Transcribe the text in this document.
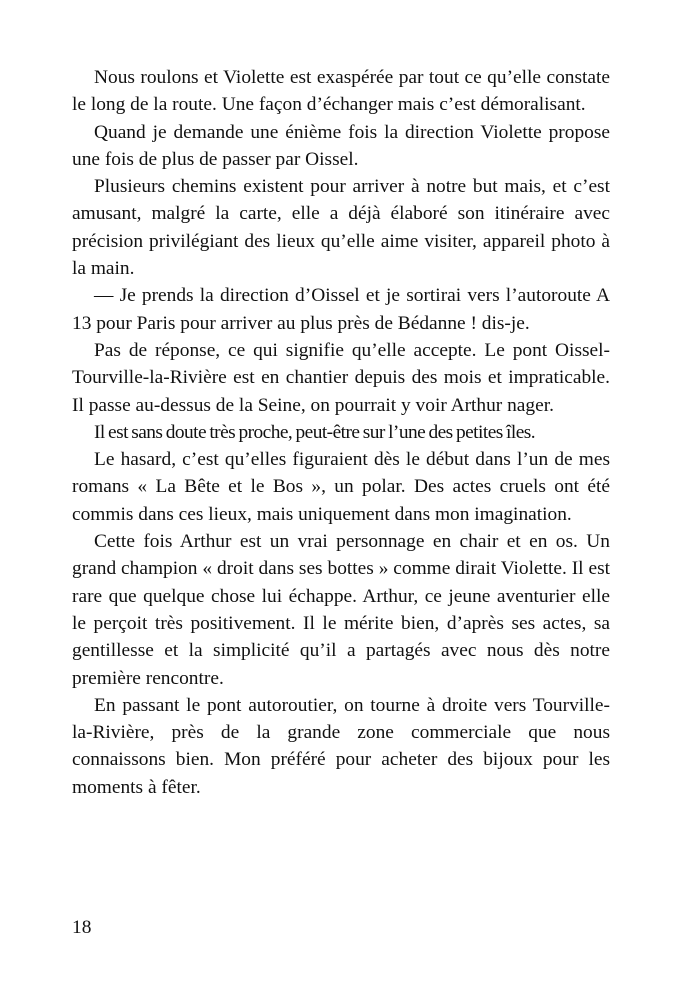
Nous roulons et Violette est exaspérée par tout ce qu’elle constate le long de la route. Une façon d’échanger mais c’est démoralisant.

Quand je demande une énième fois la direction Violette propose une fois de plus de passer par Oissel.

Plusieurs chemins existent pour arriver à notre but mais, et c’est amusant, malgré la carte, elle a déjà élaboré son itinéraire avec précision privilégiant des lieux qu’elle aime visiter, appareil photo à la main.

— Je prends la direction d’Oissel et je sortirai vers l’autoroute A 13 pour Paris pour arriver au plus près de Bédanne ! dis-je.

Pas de réponse, ce qui signifie qu’elle accepte. Le pont Oissel-Tourville-la-Rivière est en chantier depuis des mois et impraticable. Il passe au-dessus de la Seine, on pourrait y voir Arthur nager.

Il est sans doute très proche, peut-être sur l’une des petites îles.

Le hasard, c’est qu’elles figuraient dès le début dans l’un de mes romans « La Bête et le Bos », un polar. Des actes cruels ont été commis dans ces lieux, mais uniquement dans mon imagination.

Cette fois Arthur est un vrai personnage en chair et en os. Un grand champion « droit dans ses bottes » comme dirait Violette. Il est rare que quelque chose lui échappe. Arthur, ce jeune aventurier elle le perçoit très positivement. Il le mérite bien, d’après ses actes, sa gentillesse et la simplicité qu’il a partagés avec nous dès notre première rencontre.

En passant le pont autoroutier, on tourne à droite vers Tourville-la-Rivière, près de la grande zone commerciale que nous connaissons bien. Mon préféré pour acheter des bijoux pour les moments à fêter.

18
